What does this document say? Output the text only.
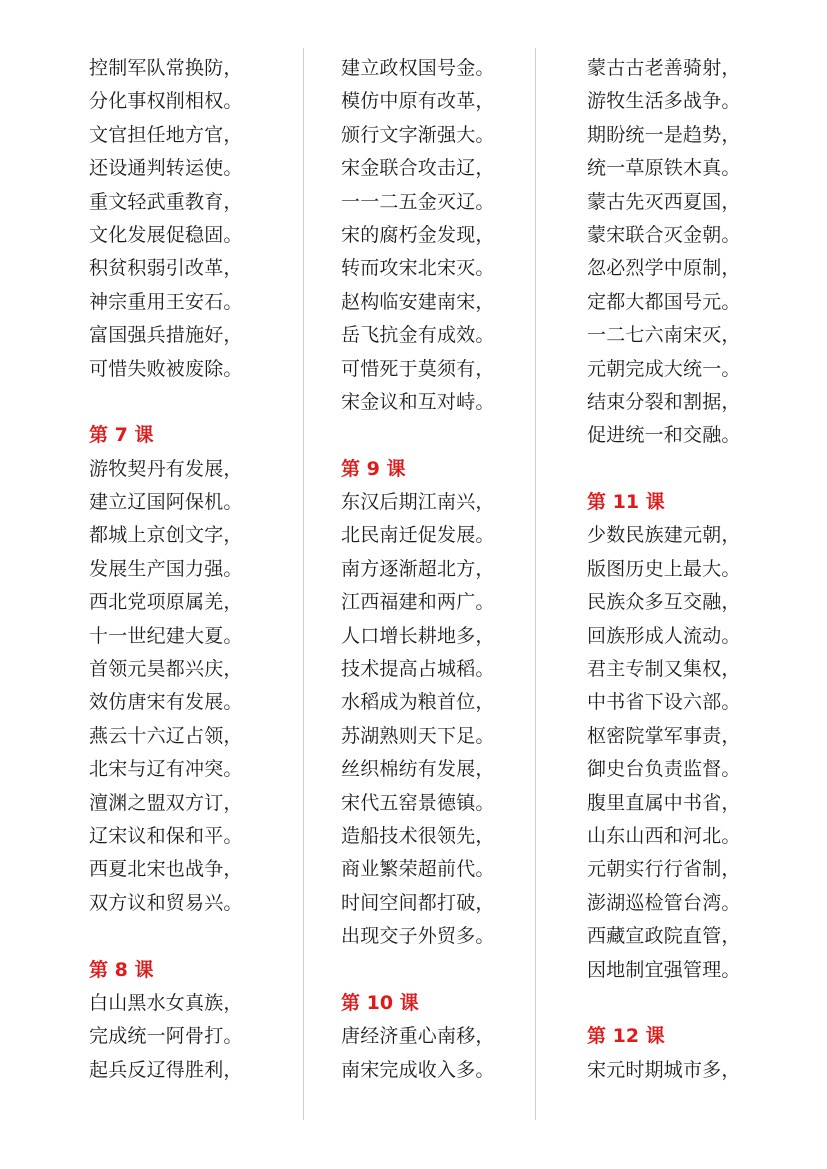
控制军队常换防，
分化事权削相权。
文官担任地方官，
还设通判转运使。
重文轻武重教育，
文化发展促稳固。
积贫积弱引改革，
神宗重用王安石。
富国强兵措施好，
可惜失败被废除。
第 7 课
游牧契丹有发展，
建立辽国阿保机。
都城上京创文字，
发展生产国力强。
西北党项原属羌，
十一世纪建大夏。
首领元昊都兴庆，
效仿唐宋有发展。
燕云十六辽占领，
北宋与辽有冲突。
澶渊之盟双方订，
辽宋议和保和平。
西夏北宋也战争，
双方议和贸易兴。
第 8 课
白山黑水女真族，
完成统一阿骨打。
起兵反辽得胜利，
建立政权国号金。
模仿中原有改革，
颁行文字渐强大。
宋金联合攻击辽，
一一二五金灭辽。
宋的腐朽金发现，
转而攻宋北宋灭。
赵构临安建南宋，
岳飞抗金有成效。
可惜死于莫须有，
宋金议和互对峙。
第 9 课
东汉后期江南兴，
北民南迁促发展。
南方逐渐超北方，
江西福建和两广。
人口增长耕地多，
技术提高占城稻。
水稻成为粮首位，
苏湖熟则天下足。
丝织棉纺有发展，
宋代五窑景德镇。
造船技术很领先，
商业繁荣超前代。
时间空间都打破，
出现交子外贸多。
第 10 课
唐经济重心南移，
南宋完成收入多。
蒙古古老善骑射，
游牧生活多战争。
期盼统一是趋势，
统一草原铁木真。
蒙古先灭西夏国，
蒙宋联合灭金朝。
忽必烈学中原制，
定都大都国号元。
一二七六南宋灭，
元朝完成大统一。
结束分裂和割据，
促进统一和交融。
第 11 课
少数民族建元朝，
版图历史上最大。
民族众多互交融，
回族形成人流动。
君主专制又集权，
中书省下设六部。
枢密院掌军事责，
御史台负责监督。
腹里直属中书省，
山东山西和河北。
元朝实行行省制，
澎湖巡检管台湾。
西藏宣政院直管，
因地制宜强管理。
第 12 课
宋元时期城市多，
